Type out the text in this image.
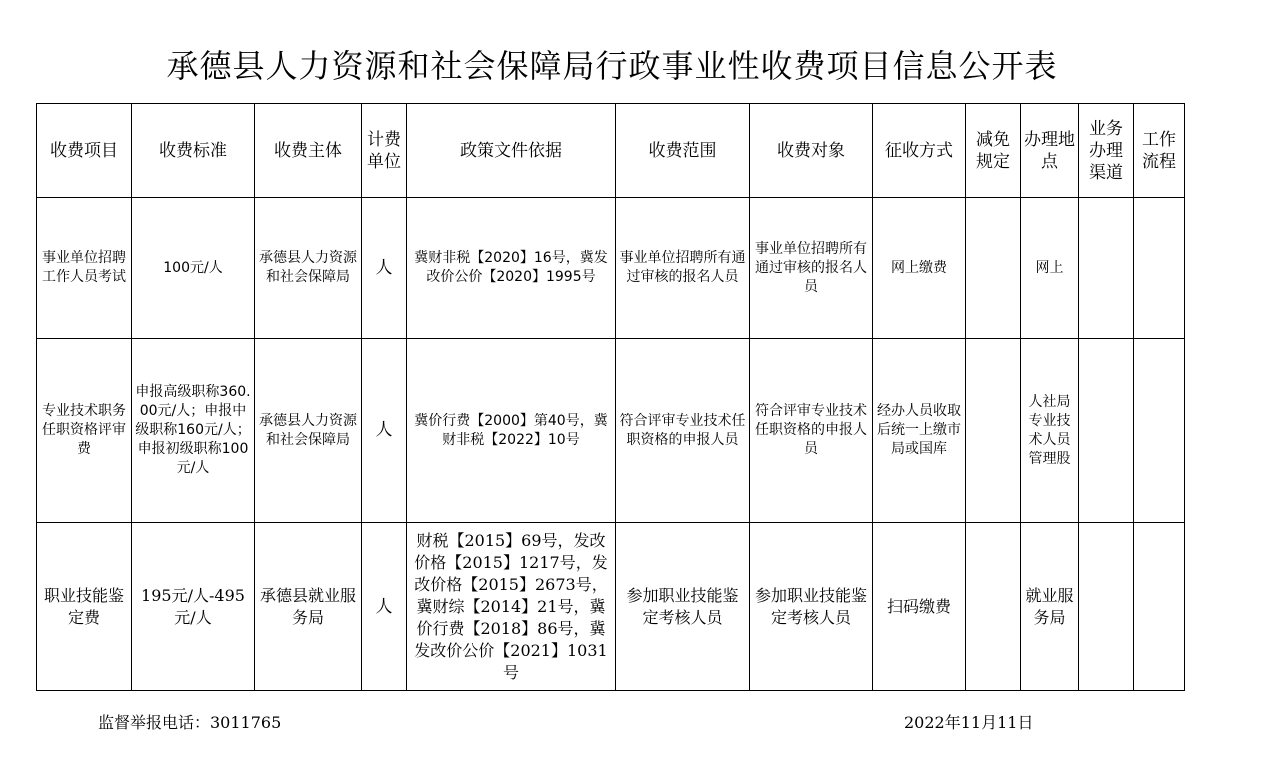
承德县人力资源和社会保障局行政事业性收费项目信息公开表
收费项目	收费标准	收费主体	计费单位	政策文件依据	收费范围	收费对象	征收方式	减免规定	办理地点	业务办理渠道	工作流程
事业单位招聘工作人员考试	100元/人	承德县人力资源和社会保障局	人	冀财非税【2020】16号，冀发改价公价【2020】1995号	事业单位招聘所有通过审核的报名人员	事业单位招聘所有通过审核的报名人员	网上缴费		网上		
专业技术职务任职资格评审费	申报高级职称360.00元/人；申报中级职称160元/人；申报初级职称100元/人	承德县人力资源和社会保障局	人	冀价行费【2000】第40号，冀财非税【2022】10号	符合评审专业技术任职资格的申报人员	符合评审专业技术任职资格的申报人员	经办人员收取后统一上缴市局或国库		人社局专业技术人员管理股		
职业技能鉴定费	195元/人-495元/人	承德县就业服务局	人	财税【2015】69号，发改价格【2015】1217号，发改价格【2015】2673号，冀财综【2014】21号，冀价行费【2018】86号，冀发改价公价【2021】1031号	参加职业技能鉴定考核人员	参加职业技能鉴定考核人员	扫码缴费		就业服务局		
监督举报电话：3011765	2022年11月11日
